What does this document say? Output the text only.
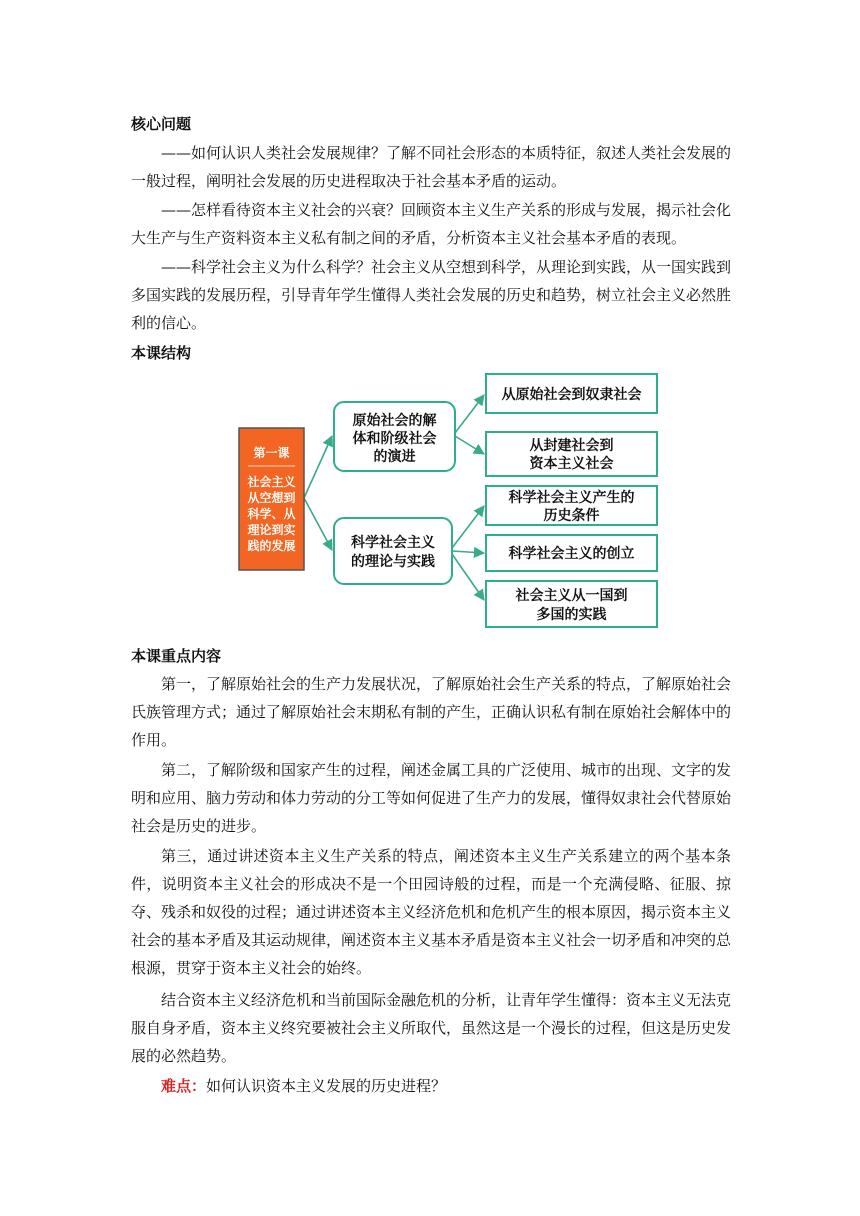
核心问题

——如何认识人类社会发展规律？了解不同社会形态的本质特征，叙述人类社会发展的一般过程，阐明社会发展的历史进程取决于社会基本矛盾的运动。

——怎样看待资本主义社会的兴衰？回顾资本主义生产关系的形成与发展，揭示社会化大生产与生产资料资本主义私有制之间的矛盾，分析资本主义社会基本矛盾的表现。

——科学社会主义为什么科学？社会主义从空想到科学，从理论到实践，从一国实践到多国实践的发展历程，引导青年学生懂得人类社会发展的历史和趋势，树立社会主义必然胜利的信心。

本课结构
第一课
社会主义
从空想到
科学、从
理论到实
践的发展
原始社会的解
体和阶级社会
的演进
科学社会主义
的理论与实践
从原始社会到奴隶社会
从封建社会到
资本主义社会
科学社会主义产生的
历史条件
科学社会主义的创立
社会主义从一国到
多国的实践
本课重点内容

第一，了解原始社会的生产力发展状况，了解原始社会生产关系的特点，了解原始社会氏族管理方式；通过了解原始社会末期私有制的产生，正确认识私有制在原始社会解体中的作用。

第二，了解阶级和国家产生的过程，阐述金属工具的广泛使用、城市的出现、文字的发明和应用、脑力劳动和体力劳动的分工等如何促进了生产力的发展，懂得奴隶社会代替原始社会是历史的进步。

第三，通过讲述资本主义生产关系的特点，阐述资本主义生产关系建立的两个基本条件，说明资本主义社会的形成决不是一个田园诗般的过程，而是一个充满侵略、征服、掠夺、残杀和奴役的过程；通过讲述资本主义经济危机和危机产生的根本原因，揭示资本主义社会的基本矛盾及其运动规律，阐述资本主义基本矛盾是资本主义社会一切矛盾和冲突的总根源，贯穿于资本主义社会的始终。

结合资本主义经济危机和当前国际金融危机的分析，让青年学生懂得：资本主义无法克服自身矛盾，资本主义终究要被社会主义所取代，虽然这是一个漫长的过程，但这是历史发展的必然趋势。

难点：如何认识资本主义发展的历史进程？
